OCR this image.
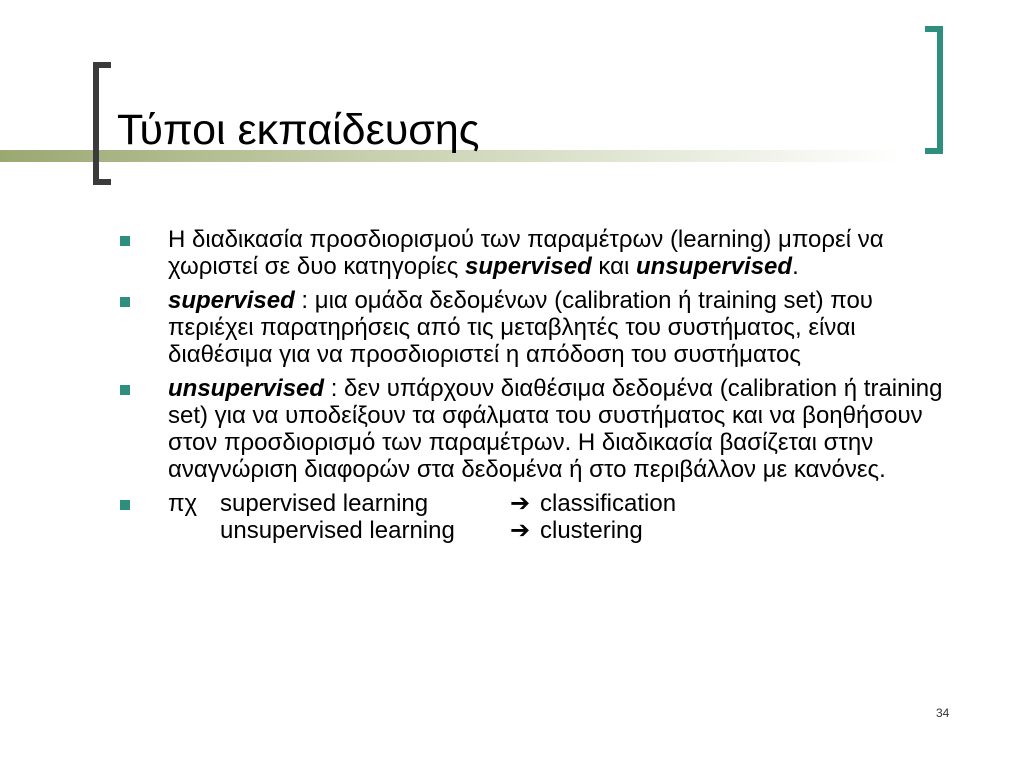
Τύποι εκπαίδευσης
Η διαδικασία προσδιορισμού των παραμέτρων (learning) μπορεί να χωριστεί σε δυο κατηγορίες supervised και unsupervised.
supervised : μια ομάδα δεδομένων (calibration ή training set) που περιέχει παρατηρήσεις από τις μεταβλητές του συστήματος, είναι διαθέσιμα για να προσδιοριστεί η απόδοση του συστήματος
unsupervised : δεν υπάρχουν διαθέσιμα δεδομένα (calibration ή training set) για να υποδείξουν τα σφάλματα του συστήματος και να βοηθήσουν στον προσδιορισμό των παραμέτρων. Η διαδικασία βασίζεται στην αναγνώριση διαφορών στα δεδομένα ή στο περιβάλλον με κανόνες.
πχ supervised learning	➔ classification
unsupervised learning	➔ clustering
34
